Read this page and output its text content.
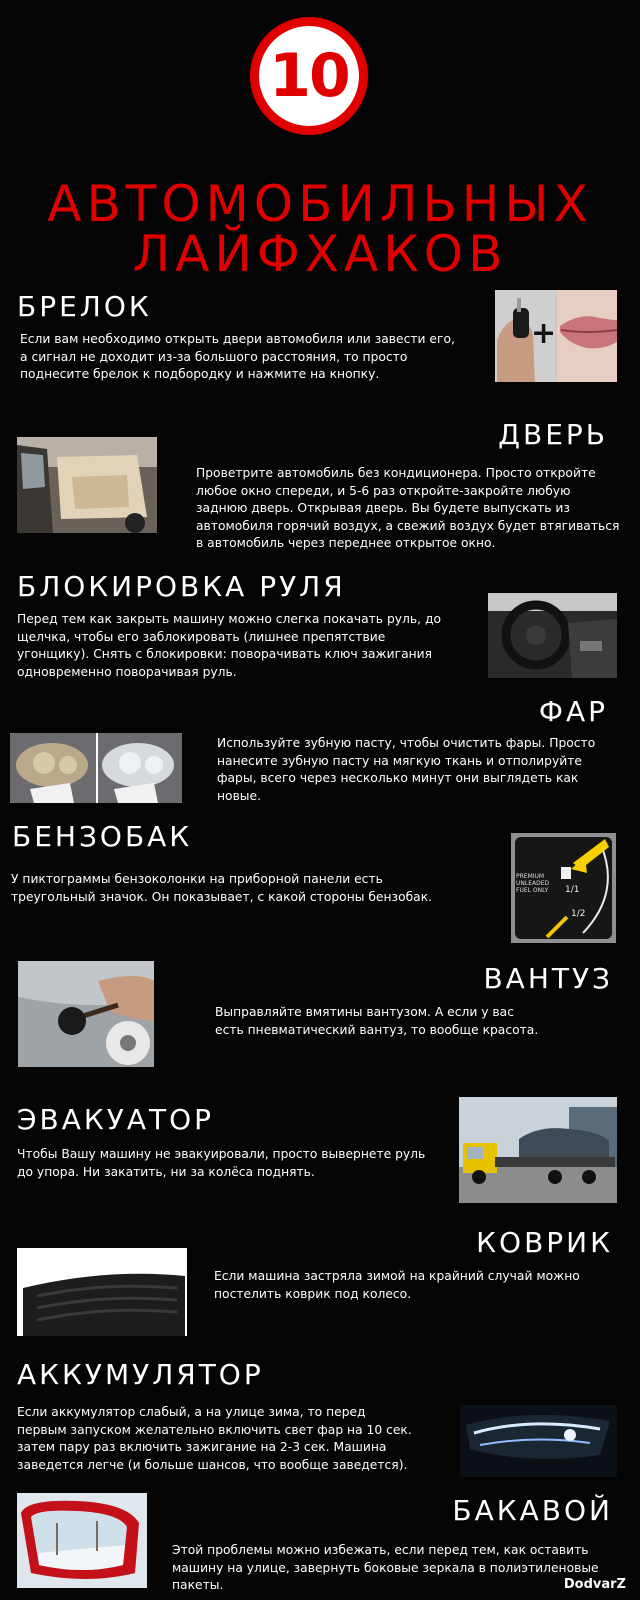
10
АВТОМОБИЛЬНЫХ
ЛАЙФХАКОВ
БРЕЛОК

Если вам необходимо открыть двери автомобиля или завести его, а сигнал не доходит из-за большого расстояния, то просто поднесите брелок к подбородку и нажмите на кнопку.

+
ДВЕРЬ

Проветрите автомобиль без кондиционера. Просто откройте любое окно спереди, и 5-6 раз откройте-закройте любую заднюю дверь. Открывая дверь. Вы будете выпускать из автомобиля горячий воздух, а свежий воздух будет втягиваться в автомобиль через переднее открытое окно.

БЛОКИРОВКА РУЛЯ

Перед тем как закрыть машину можно слегка покачать руль, до щелчка, чтобы его заблокировать (лишнее препятствие угонщику). Снять с блокировки: поворачивать ключ зажигания одновременно поворачивая руль.

ФАР

Используйте зубную пасту, чтобы очистить фары. Просто нанесите зубную пасту на мягкую ткань и отполируйте фары, всего через несколько минут они выглядеть как новые.

БЕНЗОБАК

У пиктограммы бензоколонки на приборной панели есть треугольный значок. Он показывает, с какой стороны бензобак.

PREMIUM
UNLEADED
FUEL ONLY 1/1
1/2
ВАНТУЗ

Выправляйте вмятины вантузом. А если у вас есть пневматический вантуз, то вообще красота.

ЭВАКУАТОР

Чтобы Вашу машину не эвакуировали, просто вывернете руль до упора. Ни закатить, ни за колёса поднять.

КОВРИК

Если машина застряла зимой на крайний случай можно постелить коврик под колесо.

АККУМУЛЯТОР

Если аккумулятор слабый, а на улице зима, то перед первым запуском желательно включить свет фар на 10 сек. затем пару раз включить зажигание на 2-3 сек. Машина заведется легче (и больше шансов, что вообще заведется).

БАКАВОЙ

Этой проблемы можно избежать, если перед тем, как оставить машину на улице, завернуть боковые зеркала в полиэтиленовые пакеты.	DodvarZ
